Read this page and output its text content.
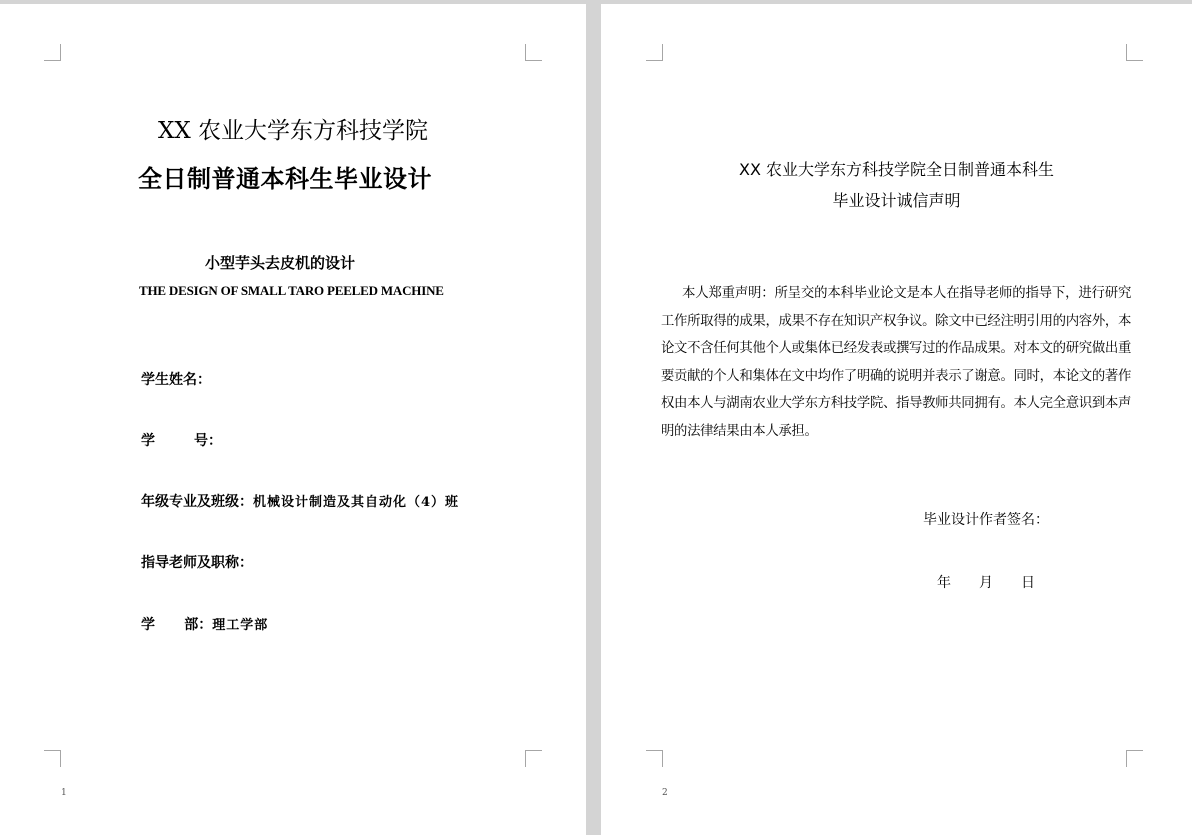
XX 农业大学东方科技学院
全日制普通本科生毕业设计
小型芋头去皮机的设计
THE DESIGN OF SMALL TARO PEELED MACHINE
学生姓名：
学        号：
年级专业及班级：机械设计制造及其自动化（4）班
指导老师及职称：
学      部：理工学部
1
XX 农业大学东方科技学院全日制普通本科生
毕业设计诚信声明
本人郑重声明：所呈交的本科毕业论文是本人在指导老师的指导下，进行研究工作所取得的成果，成果不存在知识产权争议。除文中已经注明引用的内容外，本论文不含任何其他个人或集体已经发表或撰写过的作品成果。对本文的研究做出重要贡献的个人和集体在文中均作了明确的说明并表示了谢意。同时，本论文的著作权由本人与湖南农业大学东方科技学院、指导教师共同拥有。本人完全意识到本声明的法律结果由本人承担。
毕业设计作者签名：
年 月 日
2
